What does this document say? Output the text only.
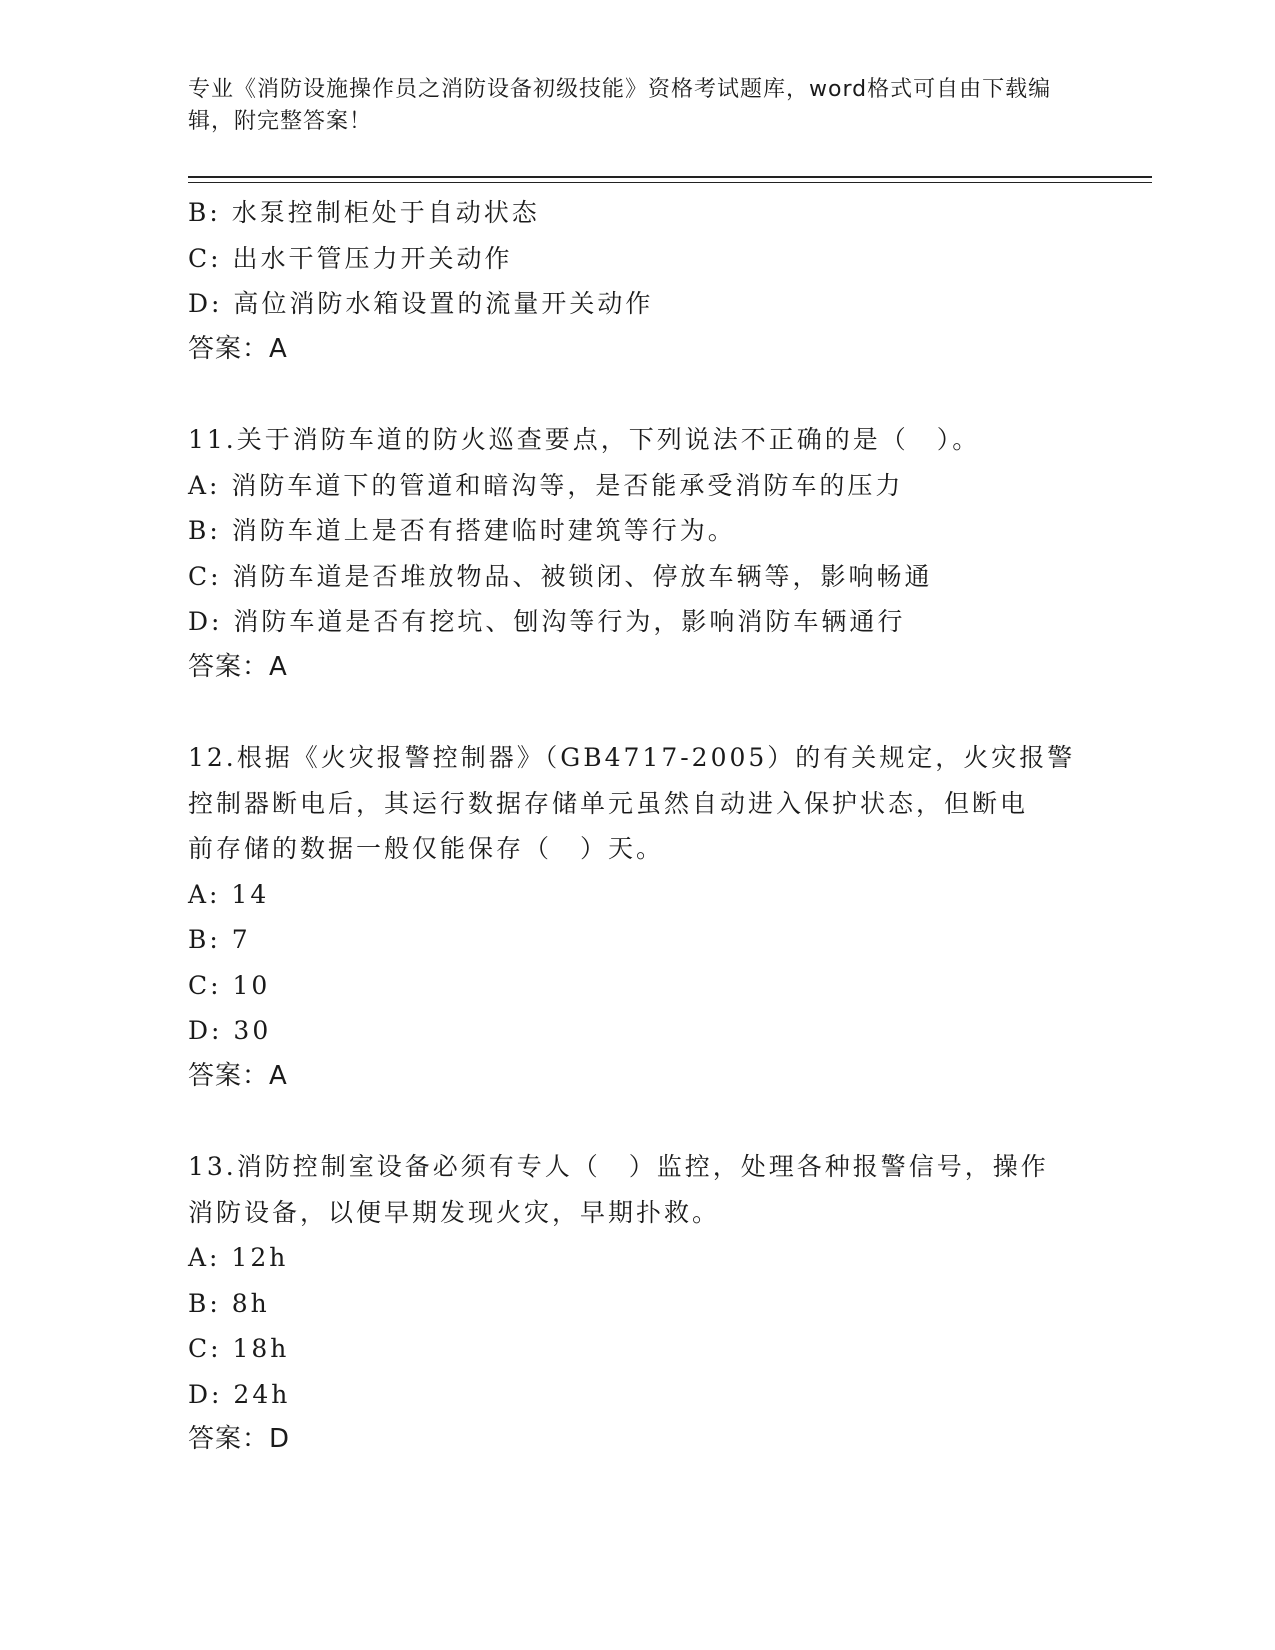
专业《消防设施操作员之消防设备初级技能》资格考试题库，word格式可自由下载编辑，附完整答案！
B: 水泵控制柜处于自动状态
C: 出水干管压力开关动作
D: 高位消防水箱设置的流量开关动作
答案：A
11.关于消防车道的防火巡查要点，下列说法不正确的是（　）。
A: 消防车道下的管道和暗沟等，是否能承受消防车的压力
B: 消防车道上是否有搭建临时建筑等行为。
C: 消防车道是否堆放物品、被锁闭、停放车辆等，影响畅通
D: 消防车道是否有挖坑、刨沟等行为，影响消防车辆通行
答案：A
12.根据《火灾报警控制器》（GB4717-2005）的有关规定，火灾报警
控制器断电后，其运行数据存储单元虽然自动进入保护状态，但断电
前存储的数据一般仅能保存（　）天。
A: 14
B: 7
C: 10
D: 30
答案：A
13.消防控制室设备必须有专人（　）监控，处理各种报警信号，操作
消防设备，以便早期发现火灾，早期扑救。
A: 12h
B: 8h
C: 18h
D: 24h
答案：D
